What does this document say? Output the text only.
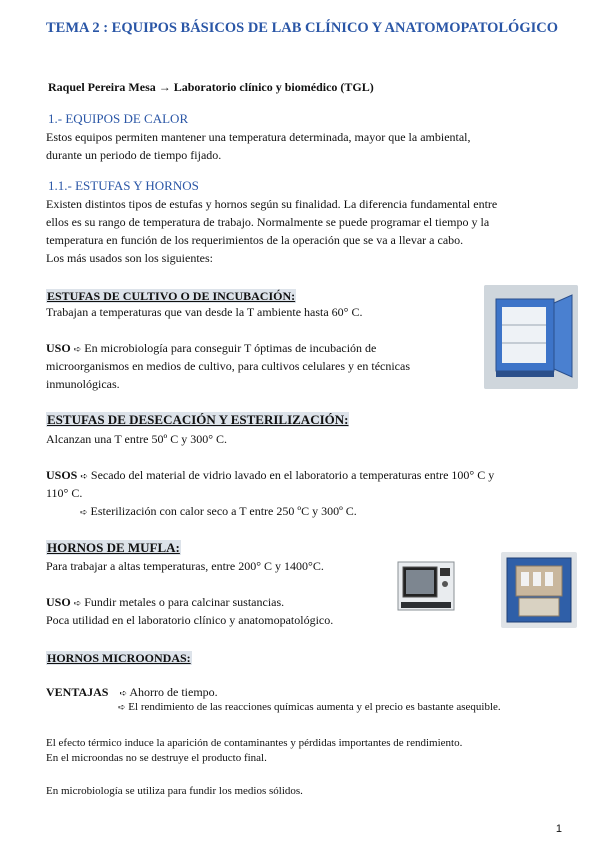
TEMA 2 : EQUIPOS BÁSICOS DE LAB CLÍNICO Y ANATOMOPATOLÓGICO
Raquel Pereira Mesa → Laboratorio clínico y biomédico (TGL)
1.- EQUIPOS DE CALOR
Estos equipos permiten mantener una temperatura determinada, mayor que la ambiental,
durante un periodo de tiempo fijado.
1.1.- ESTUFAS Y HORNOS
Existen distintos tipos de estufas y hornos según su finalidad. La diferencia fundamental entre
ellos es su rango de temperatura de trabajo. Normalmente se puede programar el tiempo y la
temperatura en función de los requerimientos de la operación que se va a llevar a cabo.
Los más usados son los siguientes:
ESTUFAS DE CULTIVO O DE INCUBACIÓN:
Trabajan a temperaturas que van desde la T ambiente hasta 60° C.
USO ➪ En microbiología para conseguir T óptimas de incubación de
microorganismos en medios de cultivo, para cultivos celulares y en técnicas
inmunológicas.
ESTUFAS DE DESECACIÓN Y ESTERILIZACIÓN:
Alcanzan una T entre 50º C y 300° C.
USOS ➪ Secado del material de vidrio lavado en el laboratorio a temperaturas entre 100° C y
110° C.
➪ Esterilización con calor seco a T entre 250 ºC y 300º C.
HORNOS DE MUFLA:
Para trabajar a altas temperaturas, entre 200° C y 1400°C.
USO ➪ Fundir metales o para calcinar sustancias.
Poca utilidad en el laboratorio clínico y anatomopatológico.
HORNOS MICROONDAS:
VENTAJAS ➪ Ahorro de tiempo.
➪ El rendimiento de las reacciones químicas aumenta y el precio es bastante asequible.
El efecto térmico induce la aparición de contaminantes y pérdidas importantes de rendimiento.
En el microondas no se destruye el producto final.
En microbiología se utiliza para fundir los medios sólidos.
1
